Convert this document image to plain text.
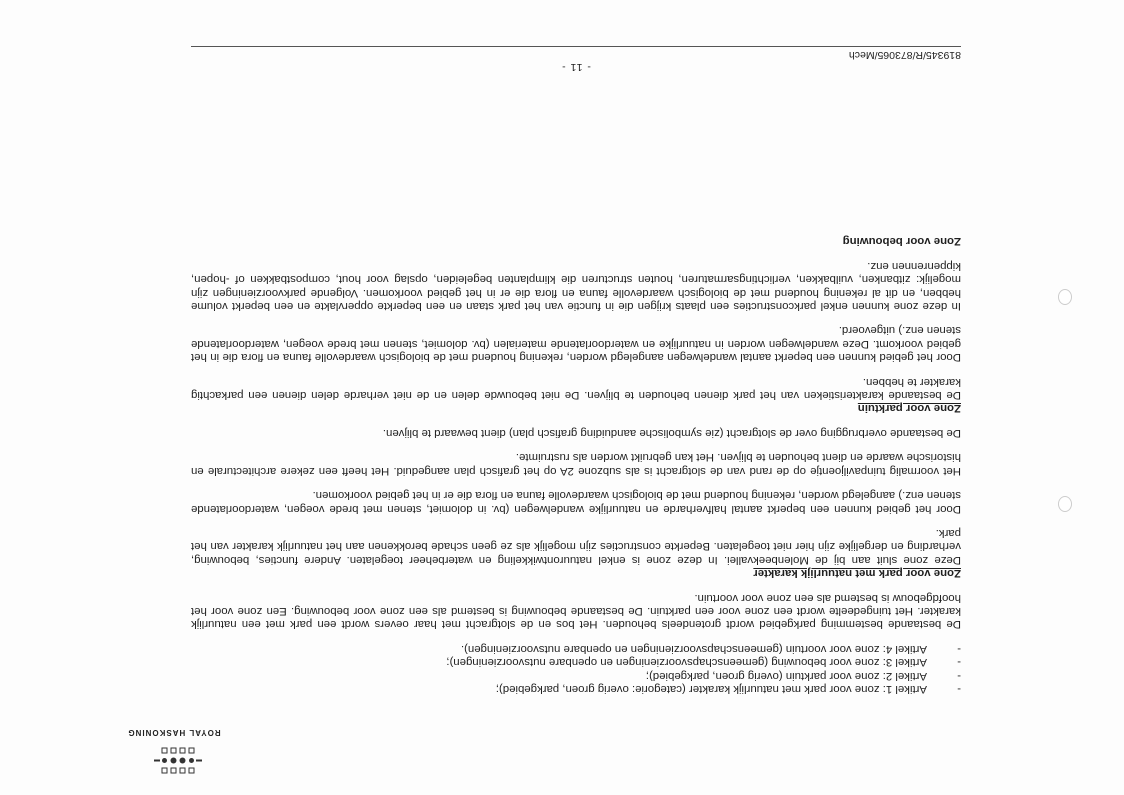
ROYAL HASKONING
- 11 -
819345/R/873065/Mech
-
Artikel 1: zone voor park met natuurlijk karakter (categorie: overig groen, parkgebied);
-
Artikel 2: zone voor parktuin (overig groen, parkgebied);
-
Artikel 3: zone voor bebouwing (gemeenschapsvoorzieningen en openbare nutsvoorzieningen);
-
Artikel 4: zone voor voortuin (gemeenschapsvoorzieningen en openbare nutsvoorzieningen).

De bestaande bestemming parkgebied wordt grotendeels behouden. Het bos en de slotgracht met haar oevers wordt een park met een natuurlijk karakter. Het tuingedeelte wordt een zone voor een parktuin. De bestaande bebouwing is bestemd als een zone voor bebouwing. Een zone voor het hoofdgebouw is bestemd als een zone voor voortuin.

Zone voor park met natuurlijk karakter

Deze zone sluit aan bij de Molenbeekvallei. In deze zone is enkel natuurontwikkeling en waterbeheer toegelaten. Andere functies, bebouwing, verharding en dergelijke zijn hier niet toegelaten. Beperkte constructies zijn mogelijk als ze geen schade berokkenen aan het natuurlijk karakter van het park.

Door het gebied kunnen een beperkt aantal halfverharde en natuurlijke wandelwegen (bv. in dolomiet, stenen met brede voegen, waterdoorlatende stenen enz.) aangelegd worden, rekening houdend met de biologisch waardevolle fauna en flora die er in het gebied voorkomen.

Het voormalig tuinpaviljoentje op de rand van de slotgracht is als subzone 2A op het grafisch plan aangeduid. Het heeft een zekere architecturale en historische waarde en dient behouden te blijven. Het kan gebruikt worden als rustruimte.

De bestaande overbrugging over de slotgracht (zie symbolische aanduiding grafisch plan) dient bewaard te blijven.

Zone voor parktuin

De bestaande karakteristieken van het park dienen behouden te blijven. De niet bebouwde delen en de niet verharde delen dienen een parkachtig karakter te hebben.

Door het gebied kunnen een beperkt aantal wandelwegen aangelegd worden, rekening houdend met de biologisch waardevolle fauna en flora die in het gebied voorkomt. Deze wandelwegen worden in natuurlijke en waterdoorlatende materialen (bv. dolomiet, stenen met brede voegen, waterdoorlatende stenen enz.) uitgevoerd.

In deze zone kunnen enkel parkconstructies een plaats krijgen die in functie van het park staan en een beperkte oppervlakte en een beperkt volume hebben, en dit al rekening houdend met de biologisch waardevolle fauna en flora die er in het gebied voorkomen. Volgende parkvoorzieningen zijn mogelijk: zitbanken, vuilbakken, verlichtingsarmaturen, houten structuren die klimplanten begeleiden, opslag voor hout, compostbakken of -hopen, kippenrennen enz.

Zone voor bebouwing
